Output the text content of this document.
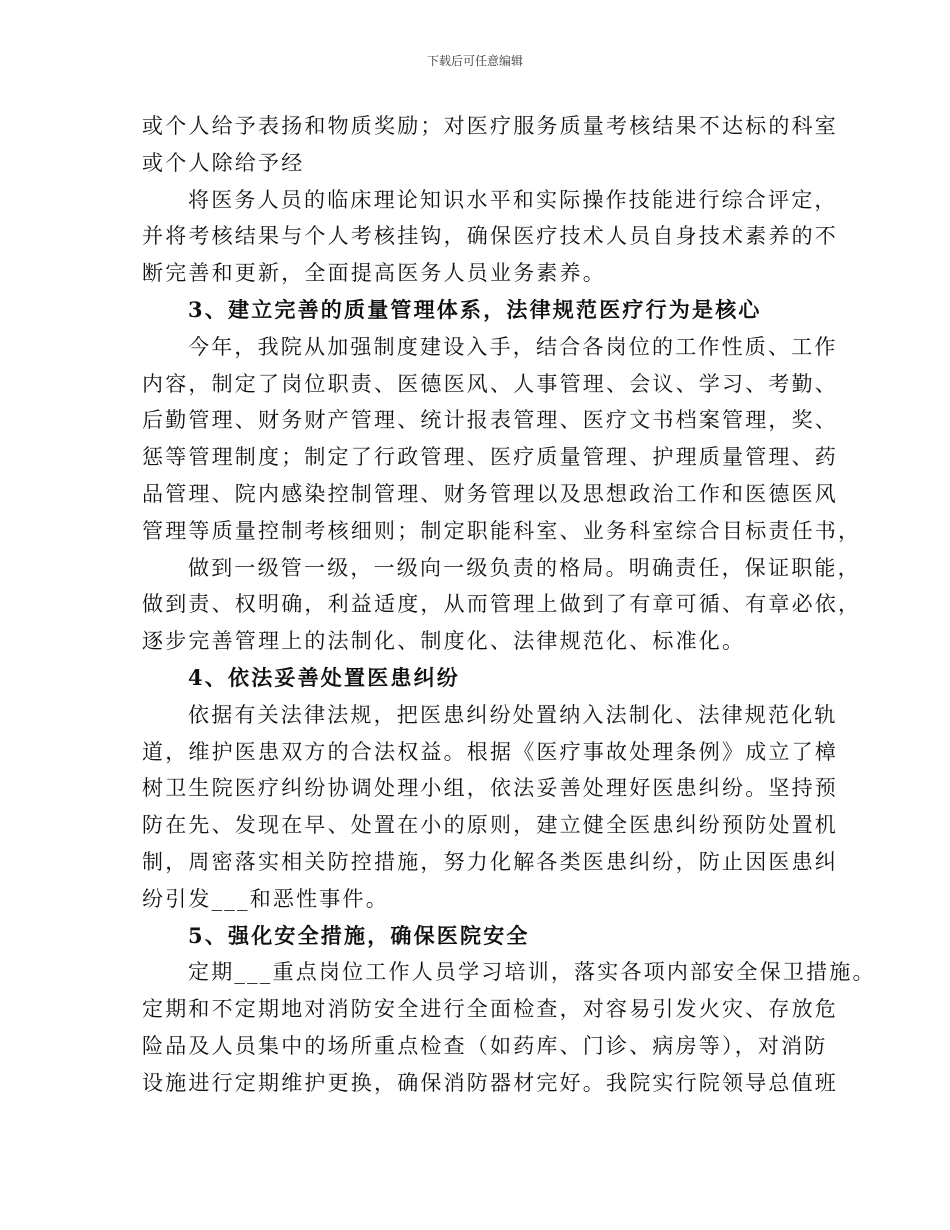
下载后可任意编辑
或个人给予表扬和物质奖励；对医疗服务质量考核结果不达标的科室
或个人除给予经
将医务人员的临床理论知识水平和实际操作技能进行综合评定，
并将考核结果与个人考核挂钩，确保医疗技术人员自身技术素养的不
断完善和更新，全面提高医务人员业务素养。
3、建立完善的质量管理体系，法律规范医疗行为是核心
今年，我院从加强制度建设入手，结合各岗位的工作性质、工作
内容，制定了岗位职责、医德医风、人事管理、会议、学习、考勤、
后勤管理、财务财产管理、统计报表管理、医疗文书档案管理，奖、
惩等管理制度；制定了行政管理、医疗质量管理、护理质量管理、药
品管理、院内感染控制管理、财务管理以及思想政治工作和医德医风
管理等质量控制考核细则；制定职能科室、业务科室综合目标责任书，
做到一级管一级，一级向一级负责的格局。明确责任，保证职能，
做到责、权明确，利益适度，从而管理上做到了有章可循、有章必依，
逐步完善管理上的法制化、制度化、法律规范化、标准化。
4、依法妥善处置医患纠纷
依据有关法律法规，把医患纠纷处置纳入法制化、法律规范化轨
道，维护医患双方的合法权益。根据《医疗事故处理条例》成立了樟
树卫生院医疗纠纷协调处理小组，依法妥善处理好医患纠纷。坚持预
防在先、发现在早、处置在小的原则，建立健全医患纠纷预防处置机
制，周密落实相关防控措施，努力化解各类医患纠纷，防止因医患纠
纷引发___和恶性事件。
5、强化安全措施，确保医院安全
定期___重点岗位工作人员学习培训，落实各项内部安全保卫措施。
定期和不定期地对消防安全进行全面检查，对容易引发火灾、存放危
险品及人员集中的场所重点检查（如药库、门诊、病房等），对消防
设施进行定期维护更换，确保消防器材完好。我院实行院领导总值班
